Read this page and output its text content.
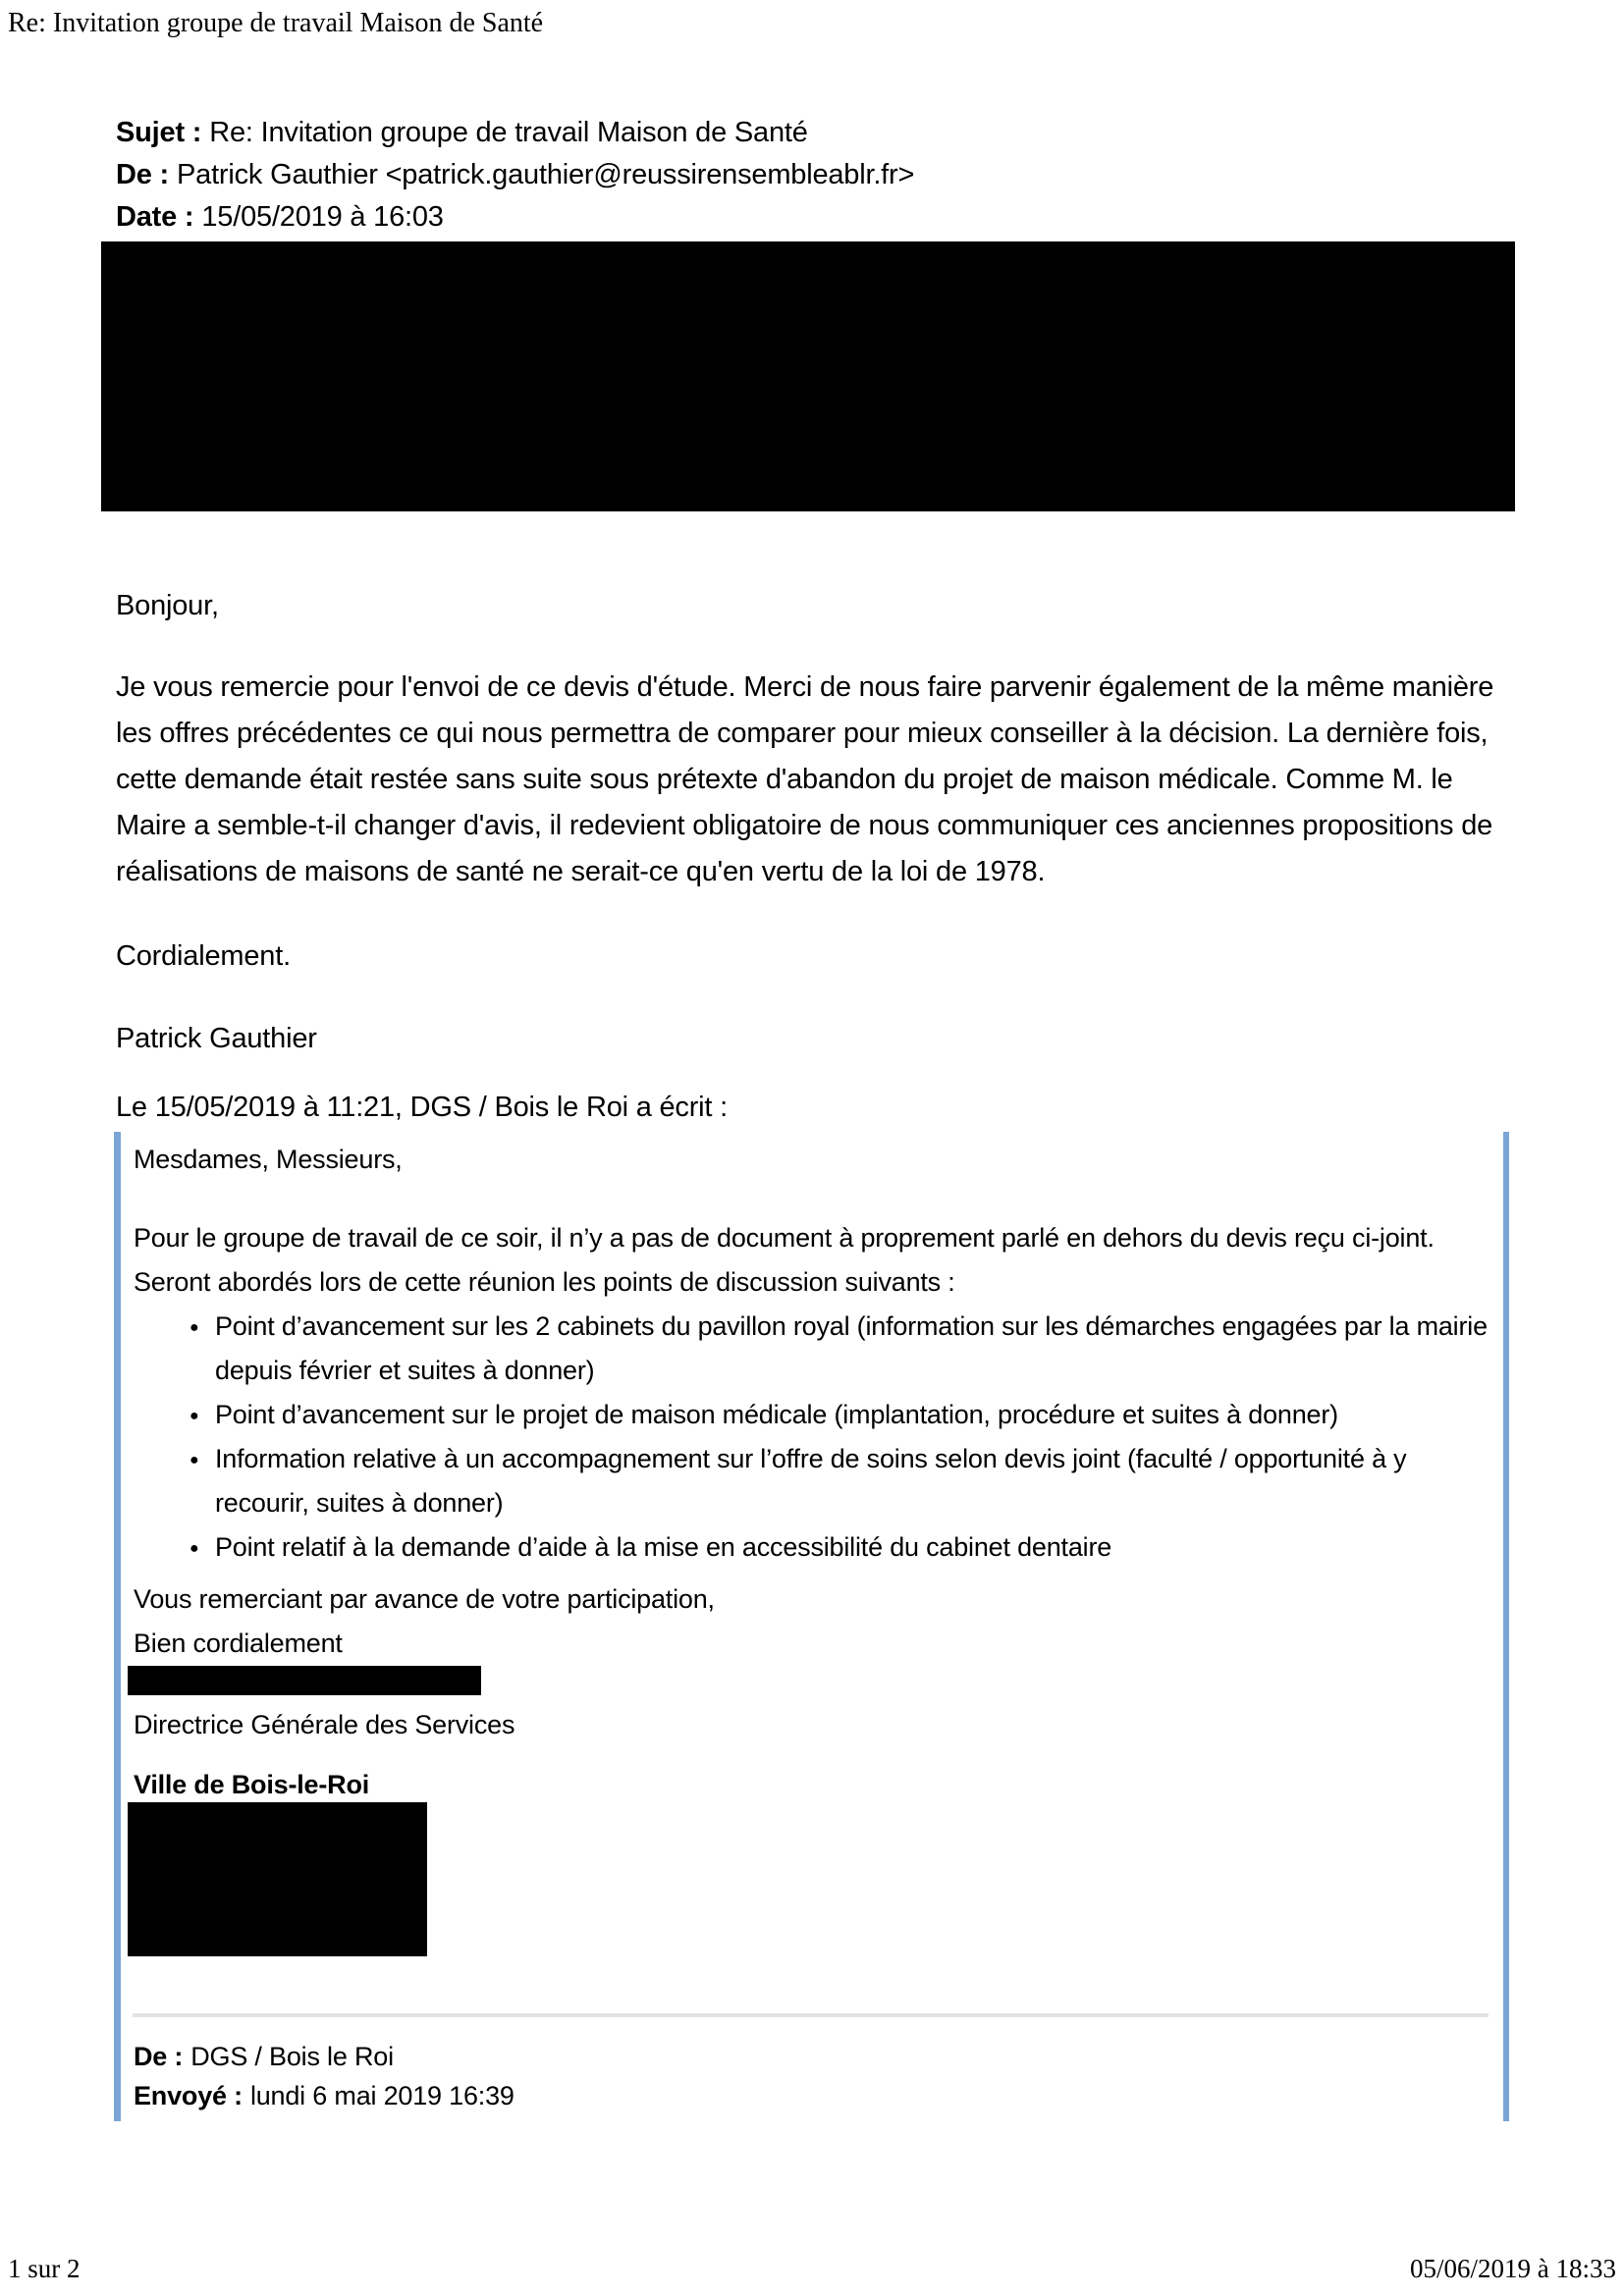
Re: Invitation groupe de travail Maison de Santé
Sujet : Re: Invitation groupe de travail Maison de Santé
De : Patrick Gauthier <patrick.gauthier@reussirensembleablr.fr>
Date : 15/05/2019 à 16:03
Bonjour,
Je vous remercie pour l'envoi de ce devis d'étude. Merci de nous faire parvenir également de la même manière les offres précédentes ce qui nous permettra de comparer pour mieux conseiller à la décision. La dernière fois, cette demande était restée sans suite sous prétexte d'abandon du projet de maison médicale. Comme M. le Maire a semble-t-il changer d'avis, il redevient obligatoire de nous communiquer ces anciennes propositions de réalisations de maisons de santé ne serait-ce qu'en vertu de la loi de 1978.
Cordialement.
Patrick Gauthier
Le 15/05/2019 à 11:21, DGS / Bois le Roi a écrit :
Mesdames, Messieurs,
Pour le groupe de travail de ce soir, il n’y a pas de document à proprement parlé en dehors du devis reçu ci-joint.
Seront abordés lors de cette réunion les points de discussion suivants :
● Point d’avancement sur les 2 cabinets du pavillon royal (information sur les démarches engagées par la mairie depuis février et suites à donner)
● Point d’avancement sur le projet de maison médicale (implantation, procédure et suites à donner)
● Information relative à un accompagnement sur l’offre de soins selon devis joint (faculté / opportunité à y recourir, suites à donner)
● Point relatif à la demande d’aide à la mise en accessibilité du cabinet dentaire
Vous remerciant par avance de votre participation,
Bien cordialement
Directrice Générale des Services
Ville de Bois-le-Roi
De : DGS / Bois le Roi
Envoyé : lundi 6 mai 2019 16:39
1 sur 2	05/06/2019 à 18:33
